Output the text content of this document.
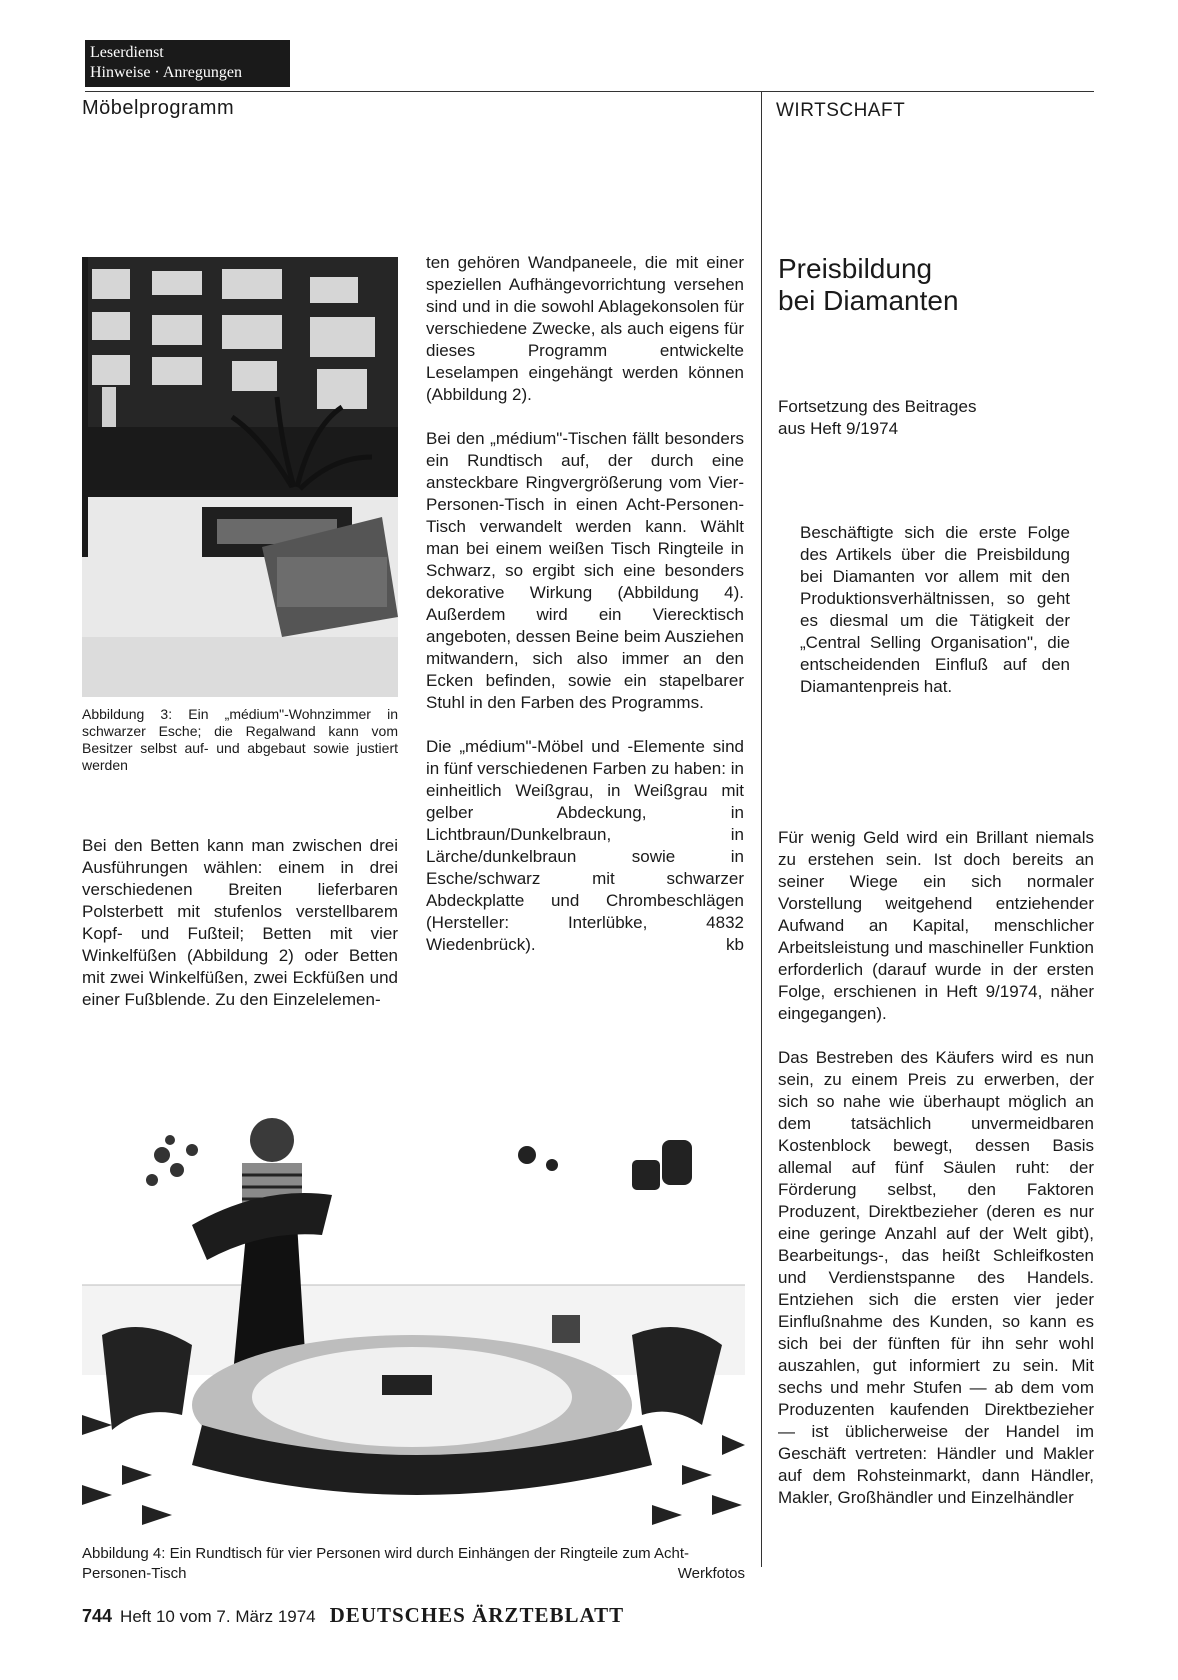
Leserdienst
Hinweise · Anregungen
Möbelprogramm	WIRTSCHAFT
Abbildung 3: Ein „médium"-Wohnzimmer in schwarzer Esche; die Regalwand kann vom Besitzer selbst auf- und abgebaut sowie justiert werden

Bei den Betten kann man zwischen drei Ausführungen wählen: einem in drei verschiedenen Breiten lieferbaren Polsterbett mit stufenlos verstellbarem Kopf- und Fußteil; Betten mit vier Winkelfüßen (Abbildung 2) oder Betten mit zwei Winkelfüßen, zwei Eckfüßen und einer Fußblende. Zu den Einzelelemen-

ten gehören Wandpaneele, die mit einer speziellen Aufhängevorrichtung versehen sind und in die sowohl Ablagekonsolen für verschiedene Zwecke, als auch eigens für dieses Programm entwickelte Leselampen eingehängt werden können (Abbildung 2).

Bei den „médium"-Tischen fällt besonders ein Rundtisch auf, der durch eine ansteckbare Ringvergrößerung vom Vier-Personen-Tisch in einen Acht-Personen-Tisch verwandelt werden kann. Wählt man bei einem weißen Tisch Ringteile in Schwarz, so ergibt sich eine besonders dekorative Wirkung (Abbildung 4). Außerdem wird ein Vierecktisch angeboten, dessen Beine beim Ausziehen mitwandern, sich also immer an den Ecken befinden, sowie ein stapelbarer Stuhl in den Farben des Programms.

Die „médium"-Möbel und -Elemente sind in fünf verschiedenen Farben zu haben: in einheitlich Weißgrau, in Weißgrau mit gelber Abdeckung, in Lichtbraun/Dunkelbraun, in Lärche/dunkelbraun sowie in Esche/schwarz mit schwarzer Abdeckplatte und Chrombeschlägen (Hersteller: Interlübke, 4832 Wiedenbrück).	kb

Abbildung 4: Ein Rundtisch für vier Personen wird durch Einhängen der Ringteile zum Acht-Personen-Tisch	Werkfotos
Preisbildung
bei Diamanten
Fortsetzung des Beitrages
aus Heft 9/1974

Beschäftigte sich die erste Folge des Artikels über die Preisbildung bei Diamanten vor allem mit den Produktionsverhältnissen, so geht es diesmal um die Tätigkeit der „Central Selling Organisation", die entscheidenden Einfluß auf den Diamantenpreis hat.

Für wenig Geld wird ein Brillant niemals zu erstehen sein. Ist doch bereits an seiner Wiege ein sich normaler Vorstellung weitgehend entziehender Aufwand an Kapital, menschlicher Arbeitsleistung und maschineller Funktion erforderlich (darauf wurde in der ersten Folge, erschienen in Heft 9/1974, näher eingegangen).

Das Bestreben des Käufers wird es nun sein, zu einem Preis zu erwerben, der sich so nahe wie überhaupt möglich an dem tatsächlich unvermeidbaren Kostenblock bewegt, dessen Basis allemal auf fünf Säulen ruht: der Förderung selbst, den Faktoren Produzent, Direktbezieher (deren es nur eine geringe Anzahl auf der Welt gibt), Bearbeitungs-, das heißt Schleifkosten und Verdienstspanne des Handels. Entziehen sich die ersten vier jeder Einflußnahme des Kunden, so kann es sich bei der fünften für ihn sehr wohl auszahlen, gut informiert zu sein. Mit sechs und mehr Stufen — ab dem vom Produzenten kaufenden Direktbezieher — ist üblicherweise der Handel im Geschäft vertreten: Händler und Makler auf dem Rohsteinmarkt, dann Händler, Makler, Großhändler und Einzelhändler

744 Heft 10 vom 7. März 1974 DEUTSCHES ÄRZTEBLATT
